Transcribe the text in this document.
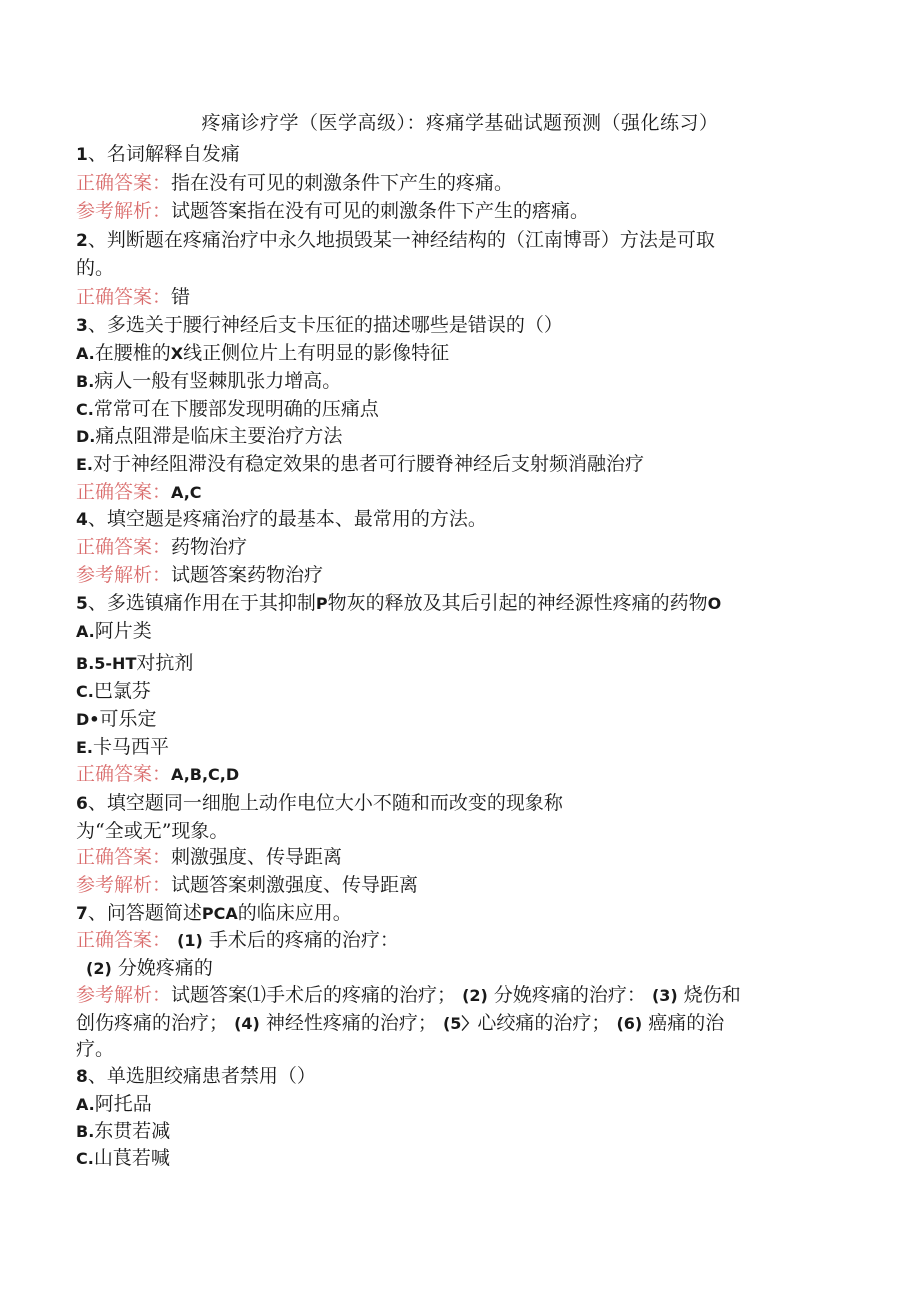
疼痛诊疗学（医学高级）：疼痛学基础试题预测（强化练习）
1、名词解释自发痛
正确答案：指在没有可见的刺激条件下产生的疼痛。
参考解析：试题答案指在没有可见的刺激条件下产生的瘩痛。
2、判断题在疼痛治疗中永久地损毁某一神经结构的（江南博哥）方法是可取
的。
正确答案：错
3、多选关于腰行神经后支卡压征的描述哪些是错误的（）
A.在腰椎的X线正侧位片上有明显的影像特征
B.病人一般有竖棘肌张力增高。
C.常常可在下腰部发现明确的压痛点
D.痛点阻滞是临床主要治疗方法
E.对于神经阻滞没有稳定效果的患者可行腰脊神经后支射频消融治疗
正确答案：A,C
4、填空题是疼痛治疗的最基本、最常用的方法。
正确答案：药物治疗
参考解析：试题答案药物治疗
5、多选镇痛作用在于其抑制P物灰的释放及其后引起的神经源性疼痛的药物O
A.阿片类
B.5-HT对抗剂
C.巴氯芬
D•可乐定
E.卡马西平
正确答案：A,B,C,D
6、填空题同一细胞上动作电位大小不随和而改变的现象称
为“全或无”现象。
正确答案：刺激强度、传导距离
参考解析：试题答案刺激强度、传导距离
7、问答题简述PCA的临床应用。
正确答案： (1) 手术后的疼痛的治疗：
(2) 分娩疼痛的
参考解析：试题答案⑴手术后的疼痛的治疗； (2) 分娩疼痛的治疗： (3) 烧伤和
创伤疼痛的治疗； (4) 神经性疼痛的治疗； (5〉心绞痛的治疗； (6) 癌痛的治
疗。
8、单选胆绞痛患者禁用（）
A.阿托品
B.东贯若减
C.山茛若喊
